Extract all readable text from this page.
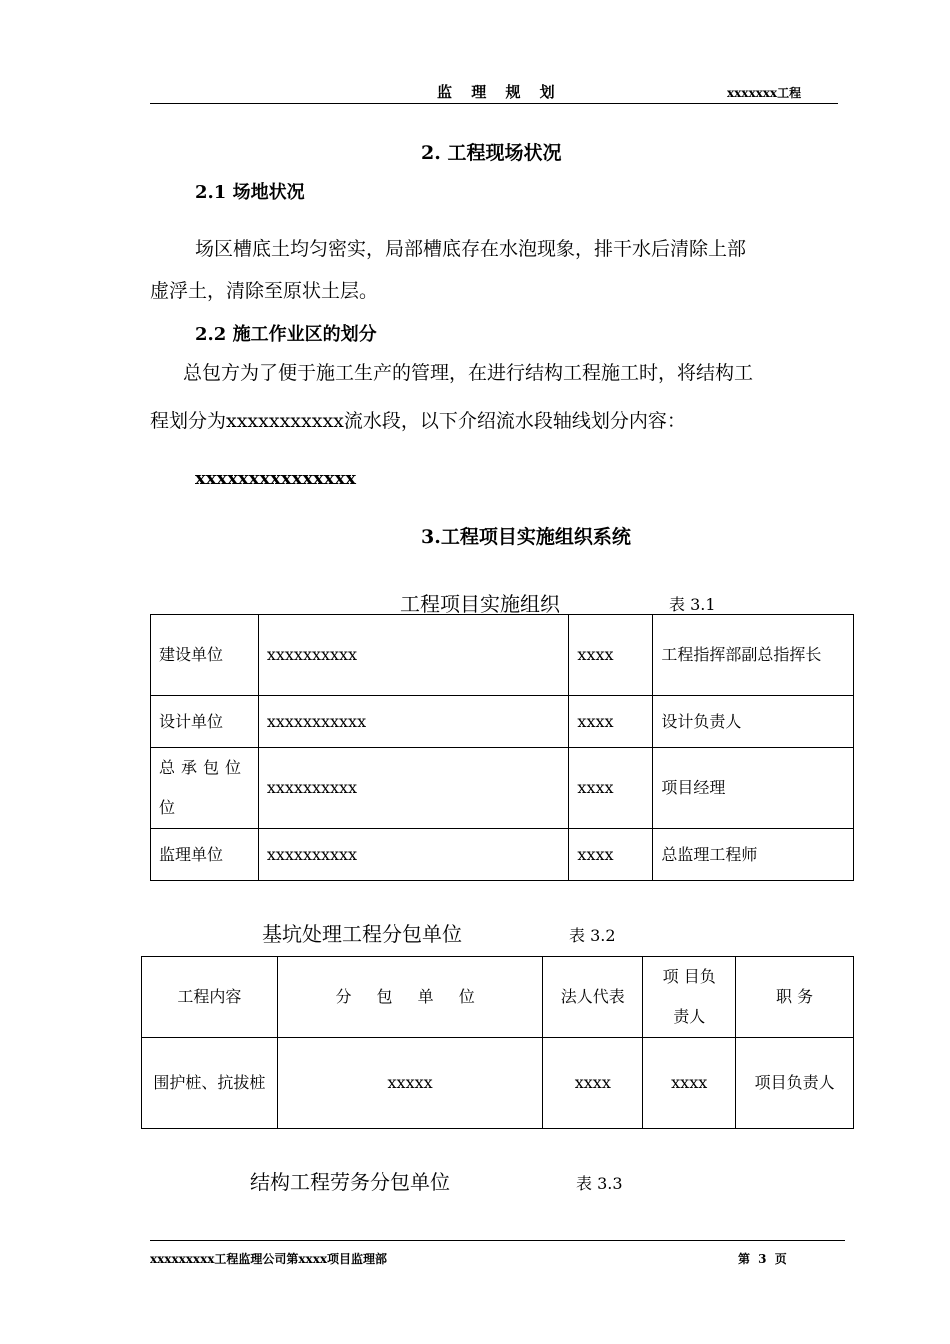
监 理 规 划	xxxxxxx工程
2. 工程现场状况
2.1 场地状况
场区槽底土均匀密实，局部槽底存在水泡现象，排干水后清除上部
虚浮土，清除至原状土层。
2.2 施工作业区的划分
总包方为了便于施工生产的管理，在进行结构工程施工时，将结构工
程划分为xxxxxxxxxxx流水段，以下介绍流水段轴线划分内容：
xxxxxxxxxxxxxxx
3.工程项目实施组织系统
工程项目实施组织	表 3.1
建设单位	xxxxxxxxxx	xxxx	工程指挥部副总指挥长
设计单位	xxxxxxxxxxx	xxxx	设计负责人
总承包位位	xxxxxxxxxx	xxxx	项目经理
监理单位	xxxxxxxxxx	xxxx	总监理工程师
基坑处理工程分包单位	表 3.2
工程内容	分 包 单 位	法人代表	项 目负责人	职 务
围护桩、抗拔桩	xxxxx	xxxx	xxxx	项目负责人
结构工程劳务分包单位	表 3.3
xxxxxxxxx工程监理公司第xxxx项目监理部	第 3 页
